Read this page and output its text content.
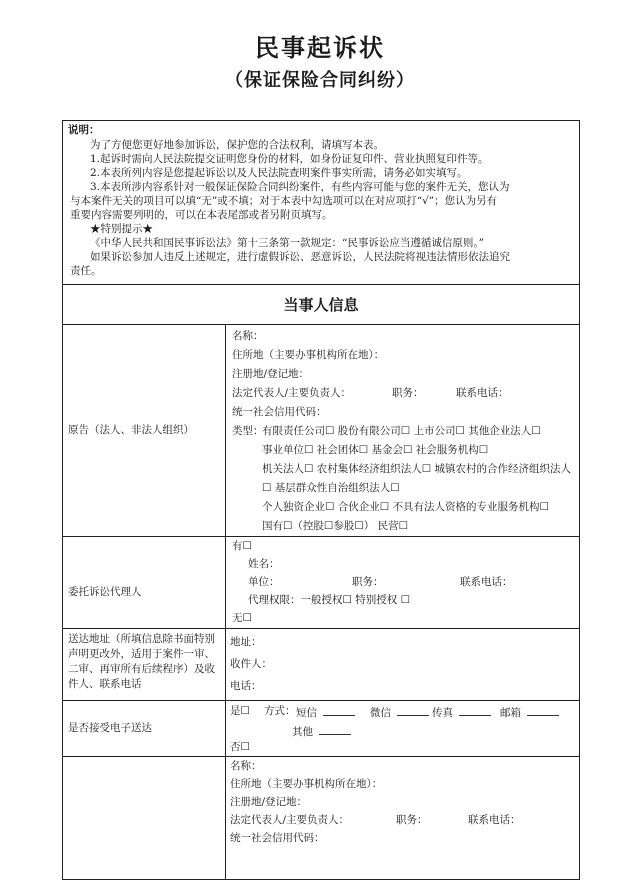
民事起诉状
（保证保险合同纠纷）
说明：
为了方便您更好地参加诉讼，保护您的合法权利，请填写本表。
1.起诉时需向人民法院提交证明您身份的材料，如身份证复印件、营业执照复印件等。
2.本表所列内容是您提起诉讼以及人民法院查明案件事实所需，请务必如实填写。
3.本表所涉内容系针对一般保证保险合同纠纷案件，有些内容可能与您的案件无关，您认为
与本案件无关的项目可以填“无”或不填；对于本表中勾选项可以在对应项打“√”；您认为另有
重要内容需要列明的，可以在本表尾部或者另附页填写。
★特别提示★
《中华人民共和国民事诉讼法》第十三条第一款规定：“民事诉讼应当遵循诚信原则。”
如果诉讼参加人违反上述规定，进行虚假诉讼、恶意诉讼，人民法院将视违法情形依法追究
责任。
当事人信息
原告（法人、非法人组织）
名称：
住所地（主要办事机构所在地）：
注册地/登记地：
法定代表人/主要负责人：	职务：	联系电话：
统一社会信用代码：
类型：
有限责任公司☐ 股份有限公司☐ 上市公司☐ 其他企业法人☐
事业单位☐ 社会团体☐ 基金会☐ 社会服务机构☐
机关法人☐ 农村集体经济组织法人☐ 城镇农村的合作经济组织法人
☐ 基层群众性自治组织法人☐
个人独资企业☐ 合伙企业☐ 不具有法人资格的专业服务机构☐
国有☐（控股☐参股☐） 民营☐
委托诉讼代理人
有☐
姓名：
单位：	职务：	联系电话：
代理权限：一般授权☐ 特别授权 ☐
无☐
送达地址（所填信息除书面特别
声明更改外，适用于案件一审、
二审、再审所有后续程序）及收
件人、联系电话
地址：
收件人：
电话：
是否接受电子送达
是☐ 方式： 短信	微信	传真	邮箱
其他
否☐
名称：
住所地（主要办事机构所在地）：
注册地/登记地：
法定代表人/主要负责人：	职务：	联系电话：
统一社会信用代码：
